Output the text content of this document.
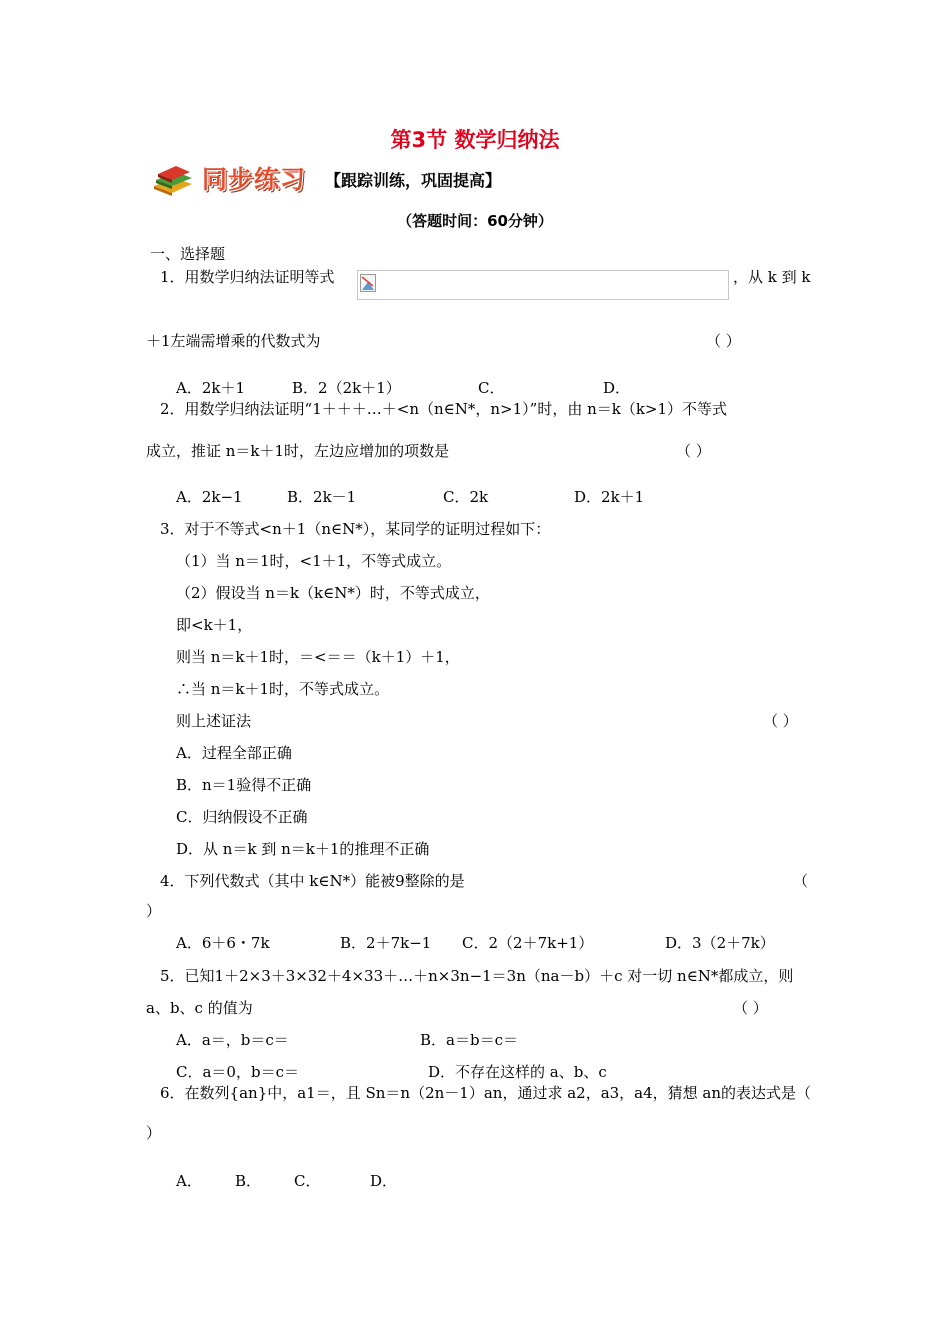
第3节 数学归纳法
同步练习 【跟踪训练，巩固提高】
（答题时间：60分钟）
一、选择题
1．用数学归纳法证明等式	，从 k 到 k
＋1左端需增乘的代数式为	（ ）
A．2k＋1	B．2（2k＋1）	C．	D．
2．用数学归纳法证明“1＋＋＋…＋<n（n∈N*，n>1）”时，由 n＝k（k>1）不等式
成立，推证 n＝k＋1时，左边应增加的项数是	（ ）
A．2k−1	B．2k－1	C．2k	D．2k＋1
3．对于不等式<n＋1（n∈N*），某同学的证明过程如下：
（1）当 n＝1时，<1＋1，不等式成立。
（2）假设当 n＝k（k∈N*）时，不等式成立，
即<k＋1，
则当 n＝k＋1时，＝<＝＝（k＋1）＋1，
∴当 n＝k＋1时，不等式成立。
则上述证法	（ ）
A．过程全部正确
B．n＝1验得不正确
C．归纳假设不正确
D．从 n＝k 到 n＝k＋1的推理不正确
4．下列代数式（其中 k∈N*）能被9整除的是	（
）
A．6＋6・7k	B．2＋7k−1 C．2（2＋7k+1）	D．3（2＋7k）
5．已知1＋2×3＋3×32＋4×33＋…＋n×3n−1＝3n（na－b）＋c 对一切 n∈N*都成立，则
a、b、c 的值为	（ ）
A．a＝，b＝c＝	B．a＝b＝c＝
C．a＝0，b＝c＝	D．不存在这样的 a、b、c
6．在数列{an}中，a1＝，且 Sn＝n（2n－1）an，通过求 a2，a3，a4，猜想 an的表达式是（
）
A． B． C．	D．
